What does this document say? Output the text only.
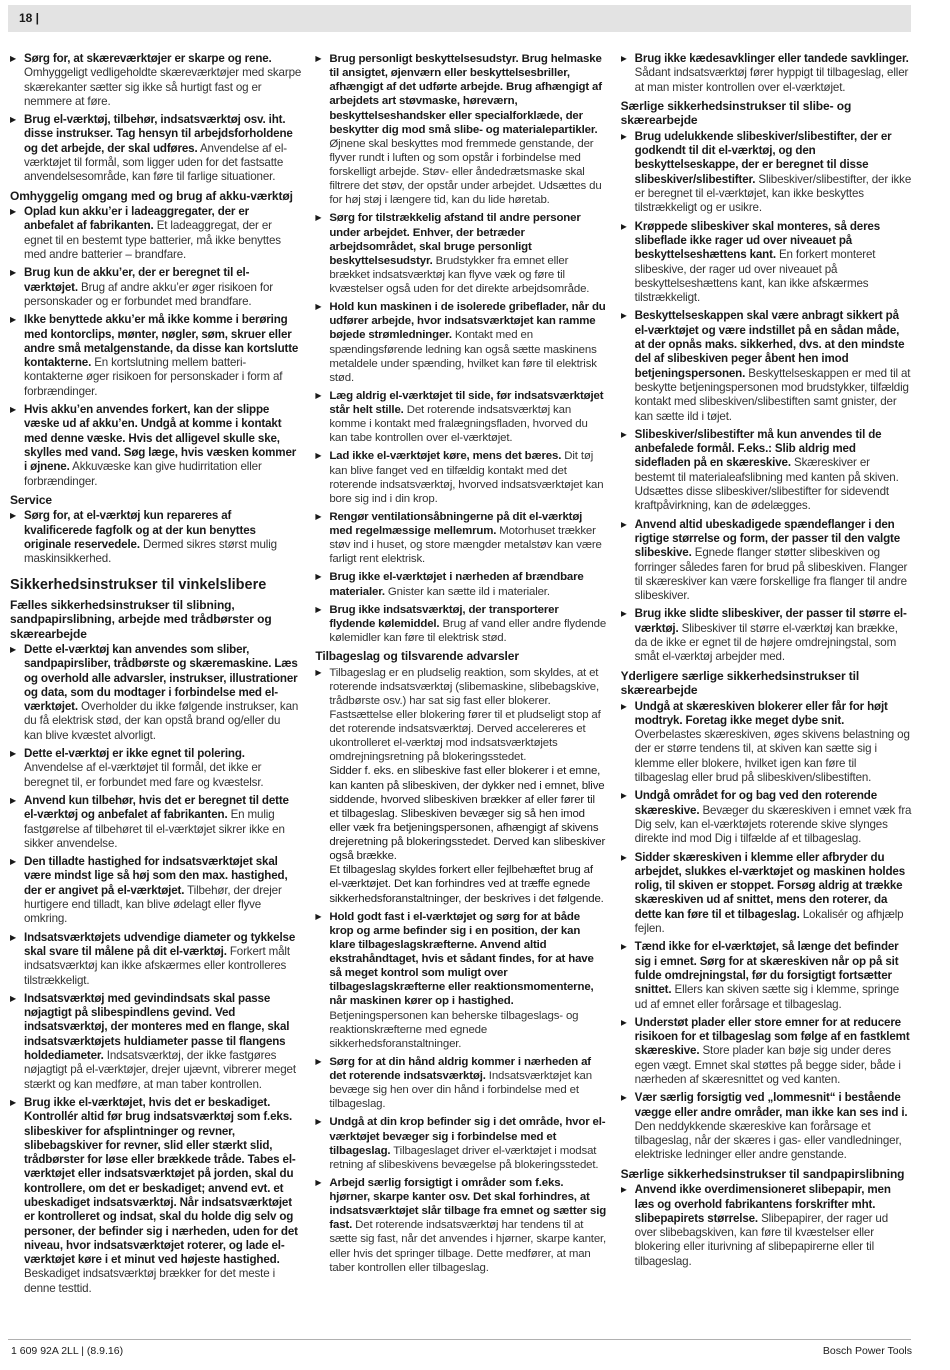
18 |

▶ Sørg for, at skæreværktøjer er skarpe og rene. Omhyggeligt vedligeholdte skæreværktøjer med skarpe skærekanter sætter sig ikke så hurtigt fast og er nemmere at føre.

▶ Brug el-værktøj, tilbehør, indsatsværktøj osv. iht. disse instrukser. Tag hensyn til arbejdsforholdene og det arbejde, der skal udføres. Anvendelse af el-værktøjet til formål, som ligger uden for det fastsatte anvendelsesområde, kan føre til farlige situationer.

Omhyggelig omgang med og brug af akku-værktøj

▶ Oplad kun akku’er i ladeaggregater, der er anbefalet af fabrikanten. Et ladeaggregat, der er egnet til en bestemt type batterier, må ikke benyttes med andre batterier – brandfare.

▶ Brug kun de akku’er, der er beregnet til el-værktøjet. Brug af andre akku’er øger risikoen for personskader og er forbundet med brandfare.

▶ Ikke benyttede akku’er må ikke komme i berøring med kontorclips, mønter, nøgler, søm, skruer eller andre små metalgenstande, da disse kan kortslutte kontakterne. En kortslutning mellem batteri-kontakterne øger risikoen for personskader i form af forbrændinger.

▶ Hvis akku’en anvendes forkert, kan der slippe væske ud af akku’en. Undgå at komme i kontakt med denne væske. Hvis det alligevel skulle ske, skylles med vand. Søg læge, hvis væsken kommer i øjnene. Akkuvæske kan give hudirritation eller forbrændinger.

Service

▶ Sørg for, at el-værktøj kun repareres af kvalificerede fagfolk og at der kun benyttes originale reservedele. Dermed sikres størst mulig maskinsikkerhed.

Sikkerhedsinstrukser til vinkelslibere
Fælles sikkerhedsinstrukser til slibning, sandpapirslibning, arbejde med trådbørster og skærearbejde

▶ Dette el-værktøj kan anvendes som sliber, sandpapirsliber, trådbørste og skæremaskine. Læs og overhold alle advarsler, instrukser, illustrationer og data, som du modtager i forbindelse med el-værktøjet. Overholder du ikke følgende instrukser, kan du få elektrisk stød, der kan opstå brand og/eller du kan blive kvæstet alvorligt.

▶ Dette el-værktøj er ikke egnet til polering. Anvendelse af el-værktøjet til formål, det ikke er beregnet til, er forbundet med fare og kvæstelsr.

▶ Anvend kun tilbehør, hvis det er beregnet til dette el-værktøj og anbefalet af fabrikanten. En mulig fastgørelse af tilbehøret til el-værktøjet sikrer ikke en sikker anvendelse.

▶ Den tilladte hastighed for indsatsværktøjet skal være mindst lige så høj som den max. hastighed, der er angivet på el-værktøjet. Tilbehør, der drejer hurtigere end tilladt, kan blive ødelagt eller flyve omkring.

▶ Indsatsværktøjets udvendige diameter og tykkelse skal svare til målene på dit el-værktøj. Forkert målt indsatsværktøj kan ikke afskærmes eller kontrolleres tilstrækkeligt.

▶ Indsatsværktøj med gevindindsats skal passe nøjagtigt på slibespindlens gevind. Ved indsatsværktøj, der monteres med en flange, skal indsatsværktøjets huldiameter passe til flangens holdediameter. Indsatsværktøj, der ikke fastgøres nøjagtigt på el-værktøjer, drejer ujævnt, vibrerer meget stærkt og kan medføre, at man taber kontrollen.

▶ Brug ikke el-værktøjet, hvis det er beskadiget. Kontrollér altid før brug indsatsværktøj som f.eks. slibeskiver for afsplintninger og revner, slibebagskiver for revner, slid eller stærkt slid, trådbørster for løse eller brækkede tråde. Tabes el-værktøjet eller indsatsværktøjet på jorden, skal du kontrollere, om det er beskadiget; anvend evt. et ubeskadiget indsatsværktøj. Når indsatsværktøjet er kontrolleret og indsat, skal du holde dig selv og personer, der befinder sig i nærheden, uden for det niveau, hvor indsatsværktøjet roterer, og lade el-værktøjet køre i et minut ved højeste hastighed. Beskadiget indsatsværktøj brækker for det meste i denne testtid.

▶ Brug personligt beskyttelsesudstyr. Brug helmaske til ansigtet, øjenværn eller beskyttelsesbriller, afhængigt af det udførte arbejde. Brug afhængigt af arbejdets art støvmaske, høreværn, beskyttelseshandsker eller specialforklæde, der beskytter dig mod små slibe- og materialepartikler. Øjnene skal beskyttes mod fremmede genstande, der flyver rundt i luften og som opstår i forbindelse med forskelligt arbejde. Støv- eller åndedrætsmaske skal filtrere det støv, der opstår under arbejdet. Udsættes du for høj støj i længere tid, kan du lide høretab.

▶ Sørg for tilstrækkelig afstand til andre personer under arbejdet. Enhver, der betræder arbejdsområdet, skal bruge personligt beskyttelsesudstyr. Brudstykker fra emnet eller brækket indsatsværktøj kan flyve væk og føre til kvæstelser også uden for det direkte arbejdsområde.

▶ Hold kun maskinen i de isolerede gribeflader, når du udfører arbejde, hvor indsatsværktøjet kan ramme bøjede strømledninger. Kontakt med en spændingsførende ledning kan også sætte maskinens metaldele under spænding, hvilket kan føre til elektrisk stød.

▶ Læg aldrig el-værktøjet til side, før indsatsværktøjet står helt stille. Det roterende indsatsværktøj kan komme i kontakt med fralægningsfladen, hvorved du kan tabe kontrollen over el-værktøjet.

▶ Lad ikke el-værktøjet køre, mens det bæres. Dit tøj kan blive fanget ved en tilfældig kontakt med det roterende indsatsværktøj, hvorved indsatsværktøjet kan bore sig ind i din krop.

▶ Rengør ventilationsåbningerne på dit el-værktøj med regelmæssige mellemrum. Motorhuset trækker støv ind i huset, og store mængder metalstøv kan være farligt rent elektrisk.

▶ Brug ikke el-værktøjet i nærheden af brændbare materialer. Gnister kan sætte ild i materialer.

▶ Brug ikke indsatsværktøj, der transporterer flydende kølemiddel. Brug af vand eller andre flydende kølemidler kan føre til elektrisk stød.

Tilbageslag og tilsvarende advarsler

▶ Tilbageslag er en pludselig reaktion, som skyldes, at et roterende indsatsværktøj (slibemaskine, slibebagskive, trådbørste osv.) har sat sig fast eller blokerer. Fastsættelse eller blokering fører til et pludseligt stop af det roterende indsatsværktøj. Derved accelereres et ukontrolleret el-værktøj mod indsatsværktøjets omdrejningsretning på blokeringsstedet.

Sidder f. eks. en slibeskive fast eller blokerer i et emne, kan kanten på slibeskiven, der dykker ned i emnet, blive siddende, hvorved slibeskiven brækker af eller fører til et tilbageslag. Slibeskiven bevæger sig så hen imod eller væk fra betjeningspersonen, afhængigt af skivens drejeretning på blokeringsstedet. Derved kan slibeskiver også brække.

Et tilbageslag skyldes forkert eller fejlbehæftet brug af el-værktøjet. Det kan forhindres ved at træffe egnede sikkerhedsforanstaltninger, der beskrives i det følgende.

▶ Hold godt fast i el-værktøjet og sørg for at både krop og arme befinder sig i en position, der kan klare tilbageslagskræfterne. Anvend altid ekstrahåndtaget, hvis et sådant findes, for at have så meget kontrol som muligt over tilbageslagskræfterne eller reaktionsmomenterne, når maskinen kører op i hastighed. Betjeningspersonen kan beherske tilbageslags- og reaktionskræfterne med egnede sikkerhedsforanstaltninger.

▶ Sørg for at din hånd aldrig kommer i nærheden af det roterende indsatsværktøj. Indsatsværktøjet kan bevæge sig hen over din hånd i forbindelse med et tilbageslag.

▶ Undgå at din krop befinder sig i det område, hvor el-værktøjet bevæger sig i forbindelse med et tilbageslag. Tilbageslaget driver el-værktøjet i modsat retning af slibeskivens bevægelse på blokeringsstedet.

▶ Arbejd særlig forsigtigt i områder som f.eks. hjørner, skarpe kanter osv. Det skal forhindres, at indsatsværktøjet slår tilbage fra emnet og sætter sig fast. Det roterende indsatsværktøj har tendens til at sætte sig fast, når det anvendes i hjørner, skarpe kanter, eller hvis det springer tilbage. Dette medfører, at man taber kontrollen eller tilbageslag.

▶ Brug ikke kædesavklinger eller tandede savklinger. Sådant indsatsværktøj fører hyppigt til tilbageslag, eller at man mister kontrollen over el-værktøjet.

Særlige sikkerhedsinstrukser til slibe- og skærearbejde

▶ Brug udelukkende slibeskiver/slibestifter, der er godkendt til dit el-værktøj, og den beskyttelseskappe, der er beregnet til disse slibeskiver/slibestifter. Slibeskiver/slibestifter, der ikke er beregnet til el-værktøjet, kan ikke beskyttes tilstrækkeligt og er usikre.

▶ Krøppede slibeskiver skal monteres, så deres slibeflade ikke rager ud over niveauet på beskyttelseshættens kant. En forkert monteret slibeskive, der rager ud over niveauet på beskyttelseshættens kant, kan ikke afskærmes tilstrækkeligt.

▶ Beskyttelseskappen skal være anbragt sikkert på el-værktøjet og være indstillet på en sådan måde, at der opnås maks. sikkerhed, dvs. at den mindste del af slibeskiven peger åbent hen imod betjeningspersonen. Beskyttelseskappen er med til at beskytte betjeningspersonen mod brudstykker, tilfældig kontakt med slibeskiven/slibestiften samt gnister, der kan sætte ild i tøjet.

▶ Slibeskiver/slibestifter må kun anvendes til de anbefalede formål. F.eks.: Slib aldrig med sidefladen på en skæreskive. Skæreskiver er bestemt til materialeafslibning med kanten på skiven. Udsættes disse slibeskiver/slibestifter for sidevendt kraftpåvirkning, kan de ødelægges.

▶ Anvend altid ubeskadigede spændeflanger i den rigtige størrelse og form, der passer til den valgte slibeskive. Egnede flanger støtter slibeskiven og forringer således faren for brud på slibeskiven. Flanger til skæreskiver kan være forskellige fra flanger til andre slibeskiver.

▶ Brug ikke slidte slibeskiver, der passer til større el-værktøj. Slibeskiver til større el-værktøj kan brække, da de ikke er egnet til de højere omdrejningstal, som småt el-værktøj arbejder med.

Yderligere særlige sikkerhedsinstrukser til skærearbejde

▶ Undgå at skæreskiven blokerer eller får for højt modtryk. Foretag ikke meget dybe snit. Overbelastes skæreskiven, øges skivens belastning og der er større tendens til, at skiven kan sætte sig i klemme eller blokere, hvilket igen kan føre til tilbageslag eller brud på slibeskiven/slibestiften.

▶ Undgå området for og bag ved den roterende skæreskive. Bevæger du skæreskiven i emnet væk fra Dig selv, kan el-værktøjets roterende skive slynges direkte ind mod Dig i tilfælde af et tilbageslag.

▶ Sidder skæreskiven i klemme eller afbryder du arbejdet, slukkes el-værktøjet og maskinen holdes rolig, til skiven er stoppet. Forsøg aldrig at trække skæreskiven ud af snittet, mens den roterer, da dette kan føre til et tilbageslag. Lokalisér og afhjælp fejlen.

▶ Tænd ikke for el-værktøjet, så længe det befinder sig i emnet. Sørg for at skæreskiven når op på sit fulde omdrejningstal, før du forsigtigt fortsætter snittet. Ellers kan skiven sætte sig i klemme, springe ud af emnet eller forårsage et tilbageslag.

▶ Understøt plader eller store emner for at reducere risikoen for et tilbageslag som følge af en fastklemt skæreskive. Store plader kan bøje sig under deres egen vægt. Emnet skal støttes på begge sider, både i nærheden af skæresnittet og ved kanten.

▶ Vær særlig forsigtig ved „lommesnit“ i bestående vægge eller andre områder, man ikke kan ses ind i. Den neddykkende skæreskive kan forårsage et tilbageslag, når der skæres i gas- eller vandledninger, elektriske ledninger eller andre genstande.

Særlige sikkerhedsinstrukser til sandpapirslibning

▶ Anvend ikke overdimensioneret slibepapir, men læs og overhold fabrikantens forskrifter mht. slibepapirets størrelse. Slibepapirer, der rager ud over slibebagskiven, kan føre til kvæstelser eller blokering eller iturivning af slibepapirerne eller til tilbageslag.

1 609 92A 2LL | (8.9.16)	Bosch Power Tools
